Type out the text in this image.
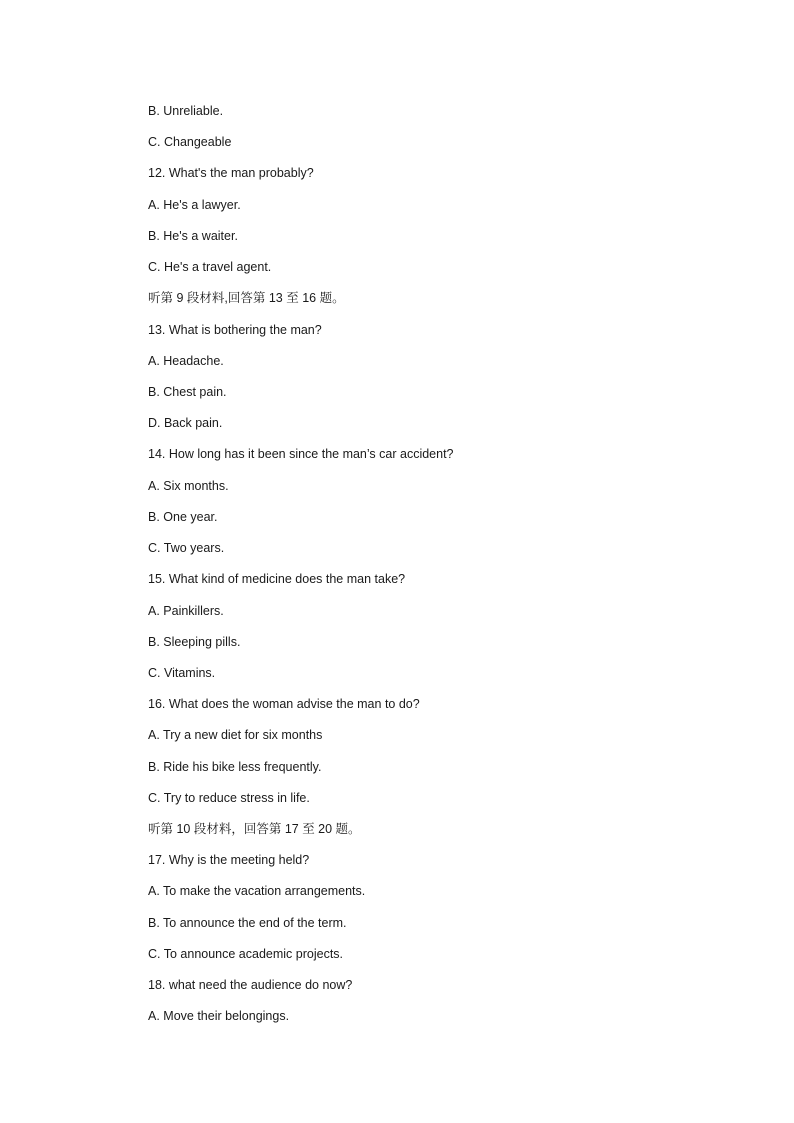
B. Unreliable.
C. Changeable
12. What's the man probably?
A. He's a lawyer.
B. He's a waiter.
C. He's a travel agent.
听第 9 段材料,回答第 13 至 16 题。
13. What is bothering the man?
A. Headache.
B. Chest pain.
D. Back pain.
14. How long has it been since the man’s car accident?
A. Six months.
B. One year.
C. Two years.
15. What kind of medicine does the man take?
A. Painkillers.
B. Sleeping pills.
C. Vitamins.
16. What does the woman advise the man to do?
A. Try a new diet for six months
B. Ride his bike less frequently.
C. Try to reduce stress in life.
听第 10 段材料，回答第 17 至 20 题。
17. Why is the meeting held?
A. To make the vacation arrangements.
B. To announce the end of the term.
C. To announce academic projects.
18. what need the audience do now?
A. Move their belongings.
